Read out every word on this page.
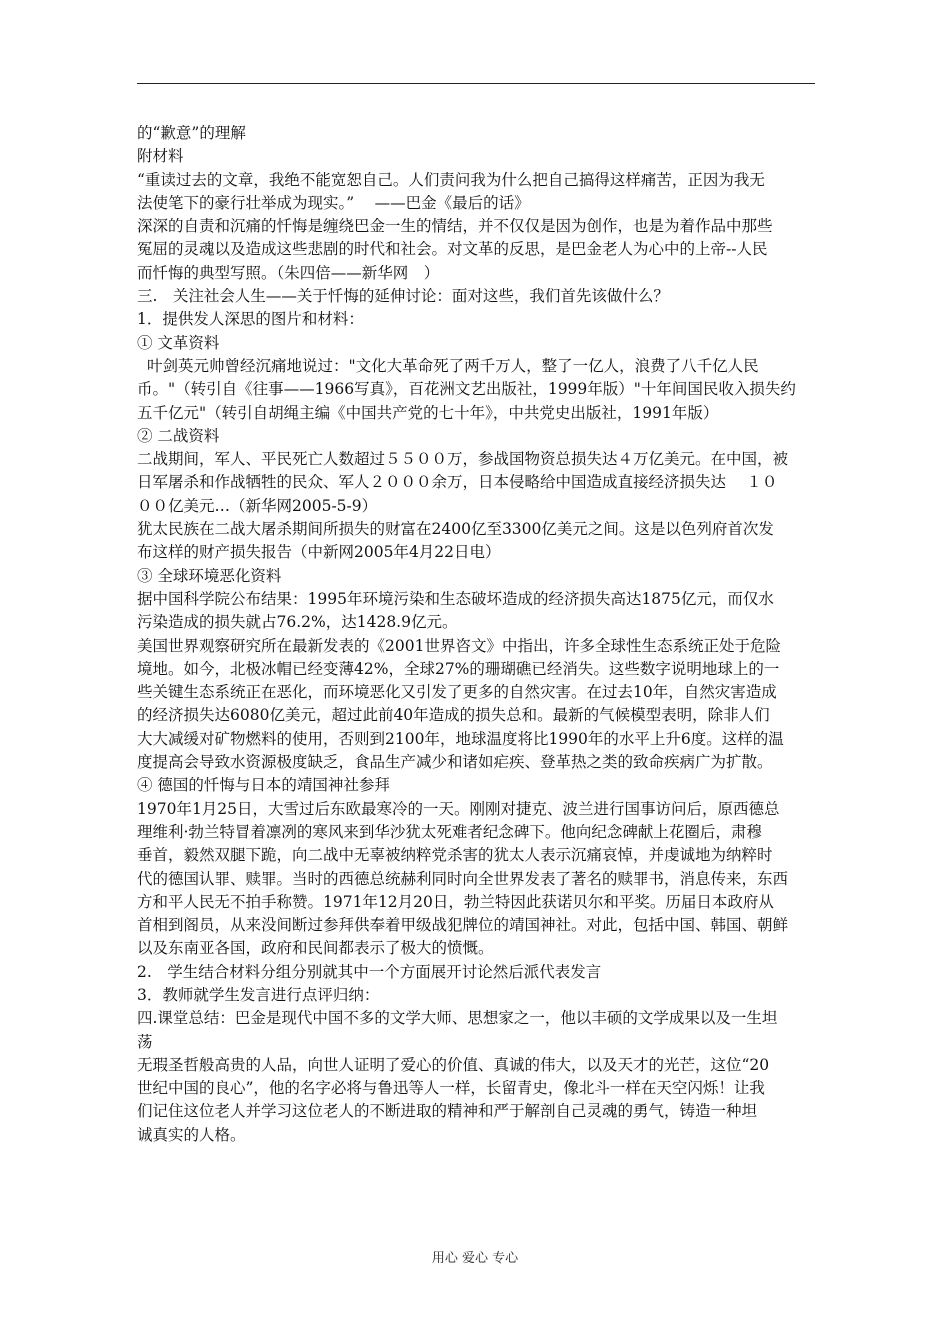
的“歉意”的理解
附材料
“重读过去的文章，我绝不能宽恕自己。人们责问我为什么把自己搞得这样痛苦，正因为我无
法使笔下的豪行壮举成为现实。”　 ——巴金《最后的话》
深深的自责和沉痛的忏悔是缠绕巴金一生的情结，并不仅仅是因为创作，也是为着作品中那些
冤屈的灵魂以及造成这些悲剧的时代和社会。对文革的反思，是巴金老人为心中的上帝--人民
而忏悔的典型写照。（朱四倍——新华网　）
三.　关注社会人生——关于忏悔的延伸讨论：面对这些，我们首先该做什么？
1．提供发人深思的图片和材料：
① 文革资料
叶剑英元帅曾经沉痛地说过："文化大革命死了两千万人，整了一亿人，浪费了八千亿人民
币。"（转引自《往事——1966写真》，百花洲文艺出版社，1999年版）"十年间国民收入损失约
五千亿元"（转引自胡绳主编《中国共产党的七十年》，中共党史出版社，1991年版）
② 二战资料
二战期间，军人、平民死亡人数超过５５００万，参战国物资总损失达４万亿美元。在中国，被
日军屠杀和作战牺牲的民众、军人２０００余万，日本侵略给中国造成直接经济损失达　 １０
００亿美元…（新华网2005-5-9）
犹太民族在二战大屠杀期间所损失的财富在2400亿至3300亿美元之间。这是以色列府首次发
布这样的财产损失报告（中新网2005年4月22日电）
③ 全球环境恶化资料
据中国科学院公布结果：1995年环境污染和生态破坏造成的经济损失高达1875亿元，而仅水
污染造成的损失就占76.2%，达1428.9亿元。
美国世界观察研究所在最新发表的《2001世界咨文》中指出，许多全球性生态系统正处于危险
境地。如今，北极冰帽已经变薄42%，全球27%的珊瑚礁已经消失。这些数字说明地球上的一
些关键生态系统正在恶化，而环境恶化又引发了更多的自然灾害。在过去10年，自然灾害造成
的经济损失达6080亿美元，超过此前40年造成的损失总和。最新的气候模型表明，除非人们
大大减缓对矿物燃料的使用，否则到2100年，地球温度将比1990年的水平上升6度。这样的温
度提高会导致水资源极度缺乏，食品生产减少和诸如疟疾、登革热之类的致命疾病广为扩散。
④ 德国的忏悔与日本的靖国神社参拜
1970年1月25日，大雪过后东欧最寒冷的一天。刚刚对捷克、波兰进行国事访问后，原西德总
理维利·勃兰特冒着凛冽的寒风来到华沙犹太死难者纪念碑下。他向纪念碑献上花圈后，肃穆
垂首，毅然双腿下跪，向二战中无辜被纳粹党杀害的犹太人表示沉痛哀悼，并虔诚地为纳粹时
代的德国认罪、赎罪。当时的西德总统赫利同时向全世界发表了著名的赎罪书，消息传来，东西
方和平人民无不拍手称赞。1971年12月20日，勃兰特因此获诺贝尔和平奖。历届日本政府从
首相到阁员，从来没间断过参拜供奉着甲级战犯牌位的靖国神社。对此，包括中国、韩国、朝鲜
以及东南亚各国，政府和民间都表示了极大的愤慨。
2.　学生结合材料分组分别就其中一个方面展开讨论然后派代表发言
3．教师就学生发言进行点评归纳：
四.课堂总结：巴金是现代中国不多的文学大师、思想家之一，他以丰硕的文学成果以及一生坦
荡
无瑕圣哲般高贵的人品，向世人证明了爱心的价值、真诚的伟大，以及天才的光芒，这位“20
世纪中国的良心”，他的名字必将与鲁迅等人一样，长留青史，像北斗一样在天空闪烁！让我
们记住这位老人并学习这位老人的不断进取的精神和严于解剖自己灵魂的勇气，铸造一种坦
诚真实的人格。
用心 爱心 专心
